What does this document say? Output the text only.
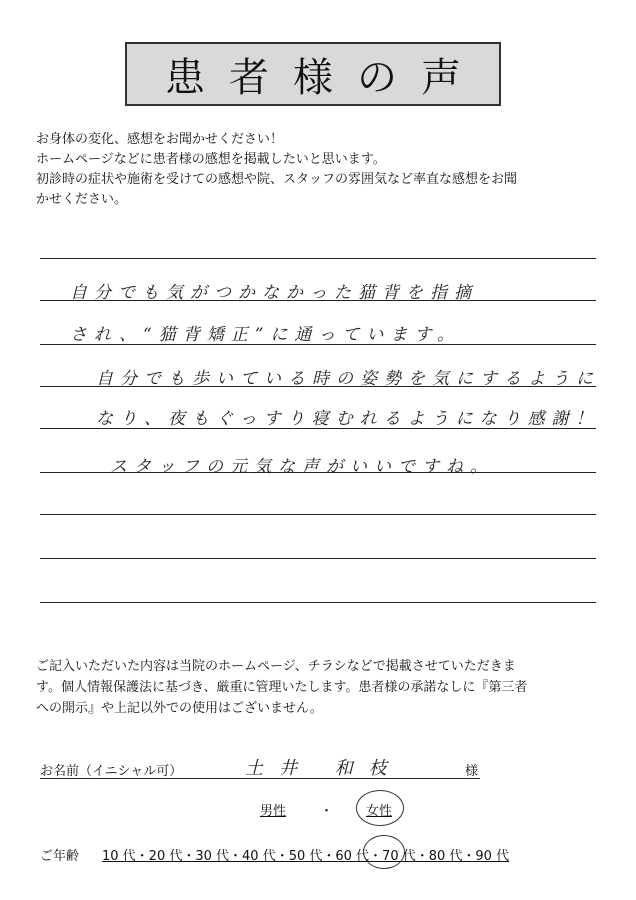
患者様の声
お身体の変化、感想をお聞かせください！
ホームページなどに患者様の感想を掲載したいと思います。
初診時の症状や施術を受けての感想や院、スタッフの雰囲気など率直な感想をお聞
かせください。
自分でも気がつかなかった猫背を指摘
され、“猫背矯正”に通っています。
自分でも歩いている時の姿勢を気にするように
なり、夜もぐっすり寝むれるようになり感謝！
スタッフの元気な声がいいですね。
ご記入いただいた内容は当院のホームページ、チラシなどで掲載させていただきま
す。個人情報保護法に基づき、厳重に管理いたします。患者様の承諾なしに『第三者
への開示』や上記以外での使用はございません。
お名前（イニシャル可）	土井 和枝	様
男性	・	女性
ご年齢 10 代・20 代・30 代・40 代・50 代・60 代・70 代・80 代・90 代
